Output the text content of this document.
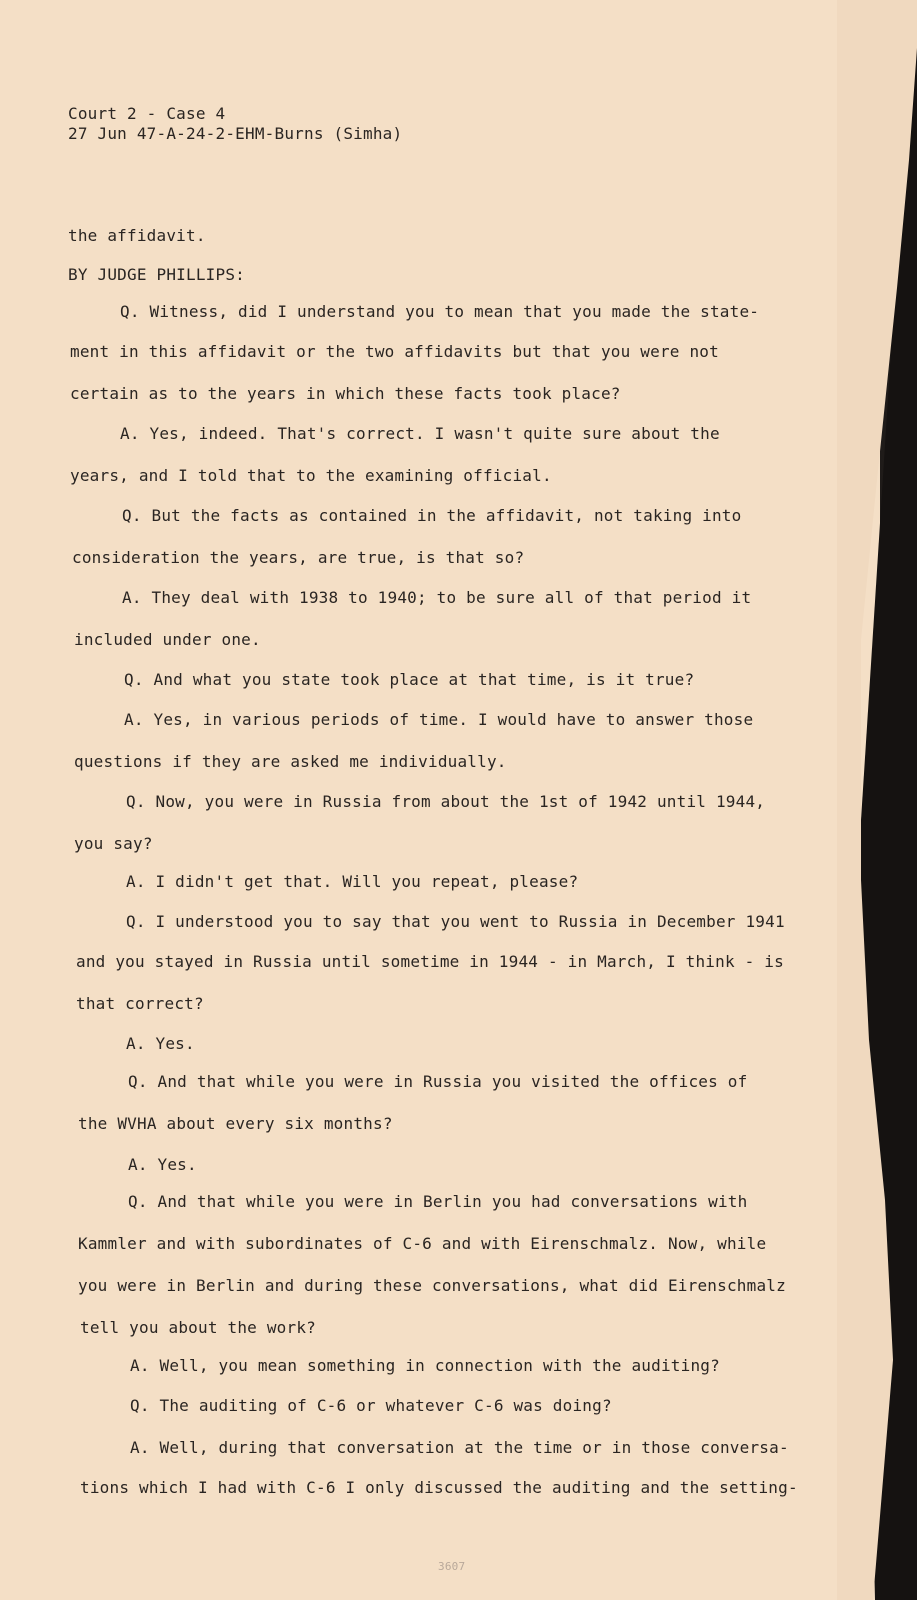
Court 2 - Case 4
27 Jun 47-A-24-2-EHM-Burns (Simha)
the affidavit.
BY JUDGE PHILLIPS:
Q. Witness, did I understand you to mean that you made the state-
ment in this affidavit or the two affidavits but that you were not
certain as to the years in which these facts took place?
A. Yes, indeed. That's correct. I wasn't quite sure about the
years, and I told that to the examining official.
Q. But the facts as contained in the affidavit, not taking into
consideration the years, are true, is that so?
A. They deal with 1938 to 1940; to be sure all of that period it
included under one.
Q. And what you state took place at that time, is it true?
A. Yes, in various periods of time. I would have to answer those
questions if they are asked me individually.
Q. Now, you were in Russia from about the 1st of 1942 until 1944,
you say?
A. I didn't get that. Will you repeat, please?
Q. I understood you to say that you went to Russia in December 1941
and you stayed in Russia until sometime in 1944 - in March, I think - is
that correct?
A. Yes.
Q. And that while you were in Russia you visited the offices of
the WVHA about every six months?
A. Yes.
Q. And that while you were in Berlin you had conversations with
Kammler and with subordinates of C-6 and with Eirenschmalz. Now, while
you were in Berlin and during these conversations, what did Eirenschmalz
tell you about the work?
A. Well, you mean something in connection with the auditing?
Q. The auditing of C-6 or whatever C-6 was doing?
A. Well, during that conversation at the time or in those conversa-
tions which I had with C-6 I only discussed the auditing and the setting-
3607
